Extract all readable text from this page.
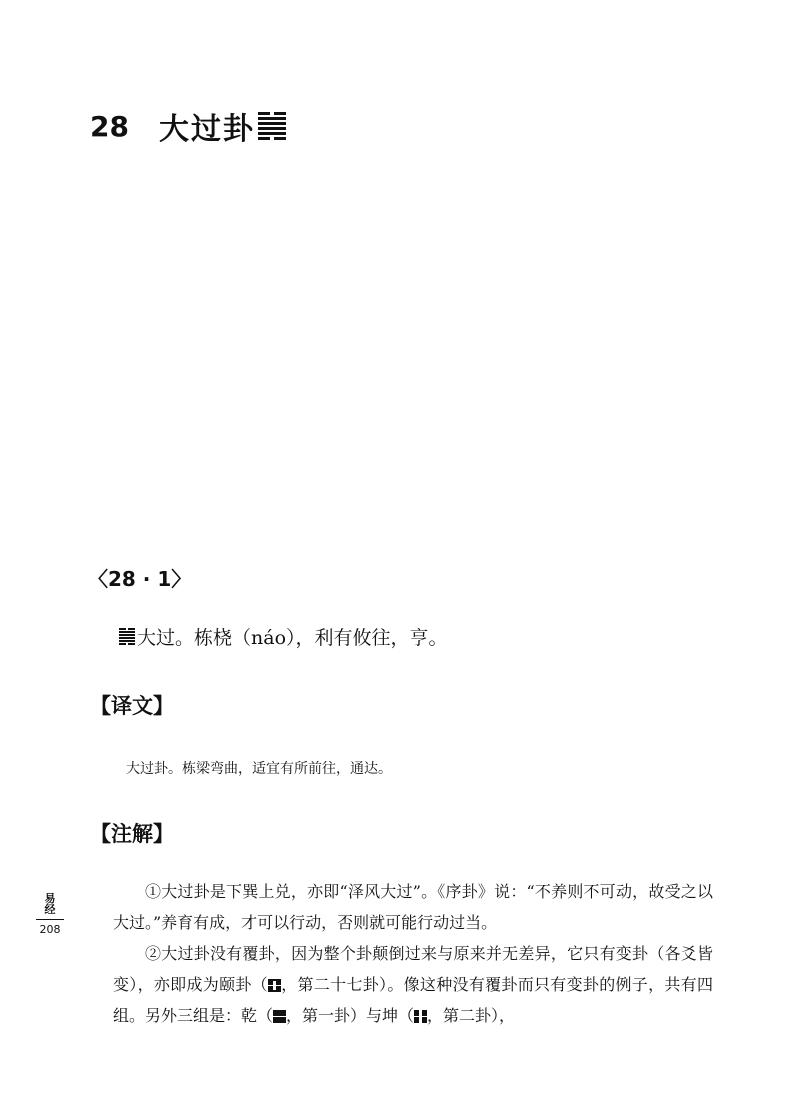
28 大过卦
〈28 · 1〉
大过。栋桡（náo），利有攸往，亨。
【译文】
大过卦。栋梁弯曲，适宜有所前往，通达。
【注解】

①大过卦是下巽上兑，亦即“泽风大过”。《序卦》说：“不养则不可动，故受之以大过。”养育有成，才可以行动，否则就可能行动过当。

②大过卦没有覆卦，因为整个卦颠倒过来与原来并无差异，它只有变卦（各爻皆变），亦即成为颐卦（ ，第二十七卦）。像这种没有覆卦而只有变卦的例子，共有四组。另外三组是：乾（ ，第一卦）与坤（ ，第二卦），

易经
208
